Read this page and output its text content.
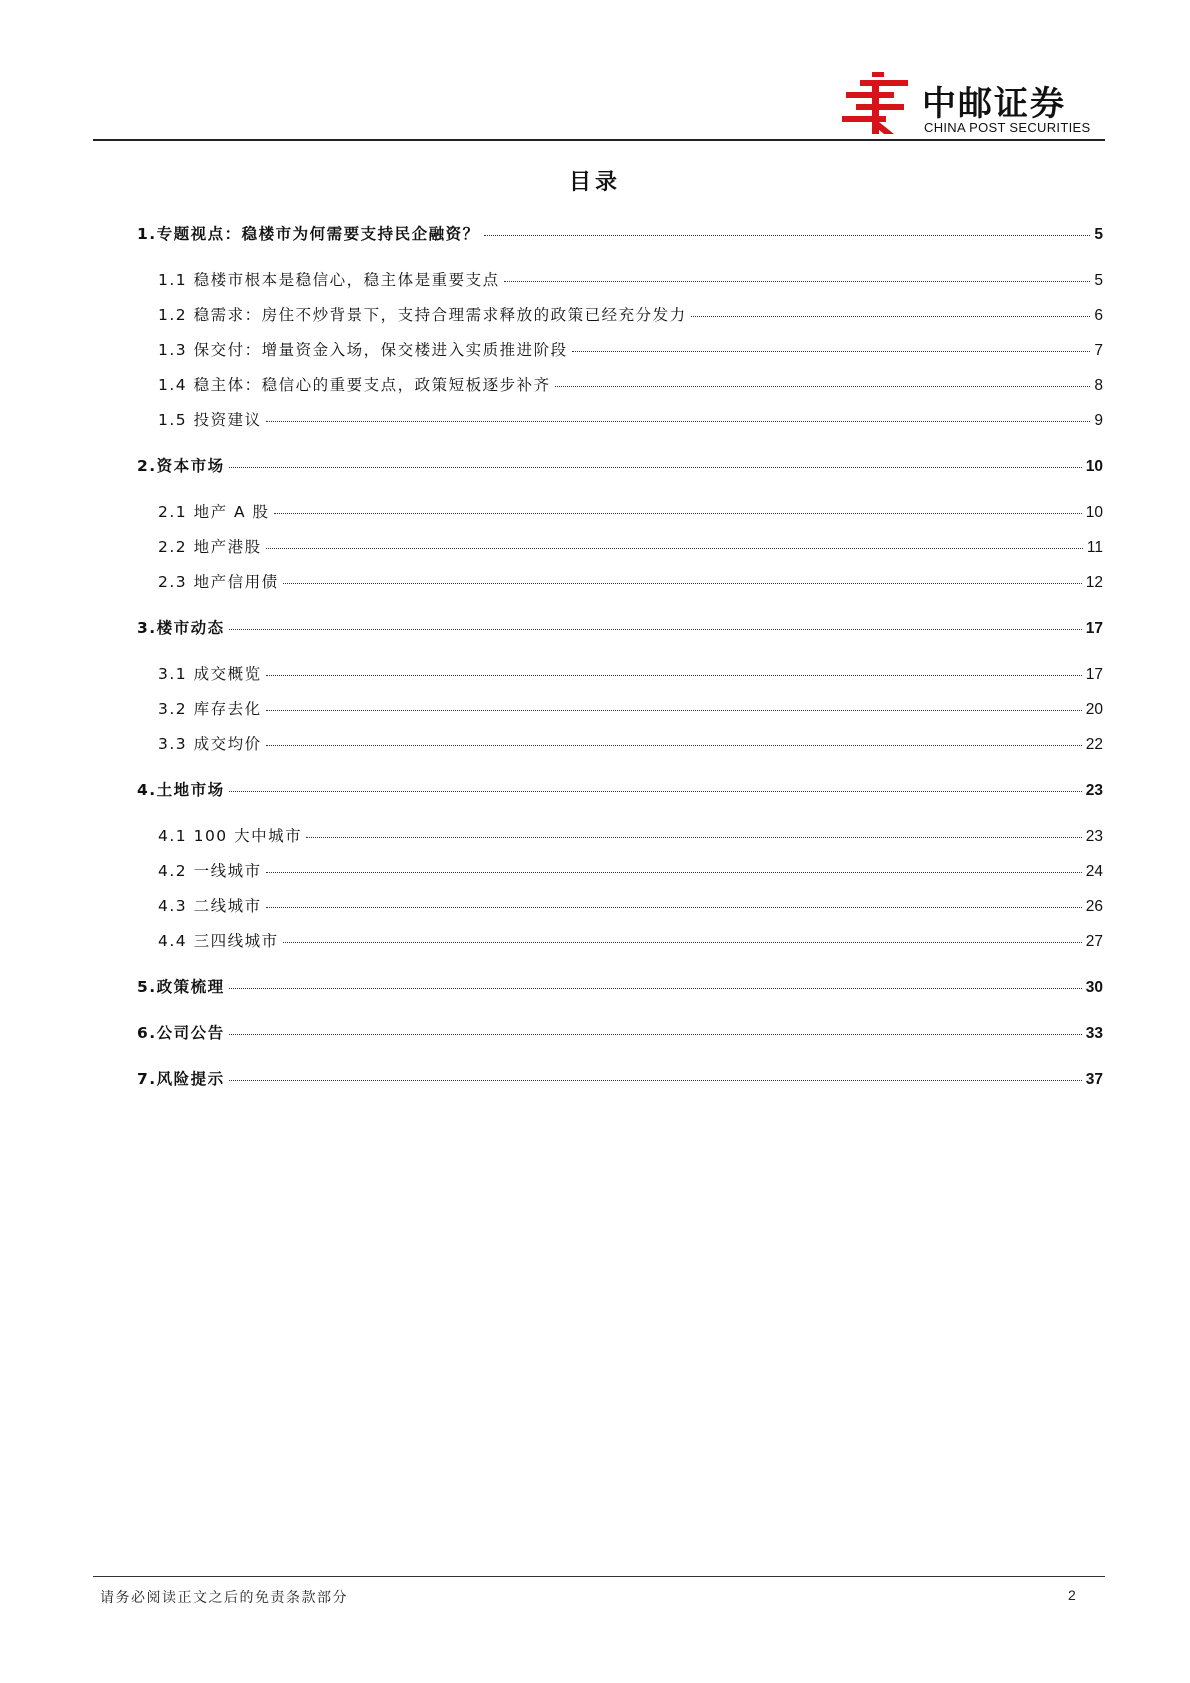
中邮证券
CHINA POST SECURITIES
目录
1.专题视点：稳楼市为何需要支持民企融资？	5
1.1 稳楼市根本是稳信心，稳主体是重要支点	5
1.2 稳需求：房住不炒背景下，支持合理需求释放的政策已经充分发力	6
1.3 保交付：增量资金入场，保交楼进入实质推进阶段	7
1.4 稳主体：稳信心的重要支点，政策短板逐步补齐	8
1.5 投资建议	9
2.资本市场	10
2.1 地产 A 股	10
2.2 地产港股	11
2.3 地产信用债	12
3.楼市动态	17
3.1 成交概览	17
3.2 库存去化	20
3.3 成交均价	22
4.土地市场	23
4.1 100 大中城市	23
4.2 一线城市	24
4.3 二线城市	26
4.4 三四线城市	27
5.政策梳理	30
6.公司公告	33
7.风险提示	37
请务必阅读正文之后的免责条款部分	2
